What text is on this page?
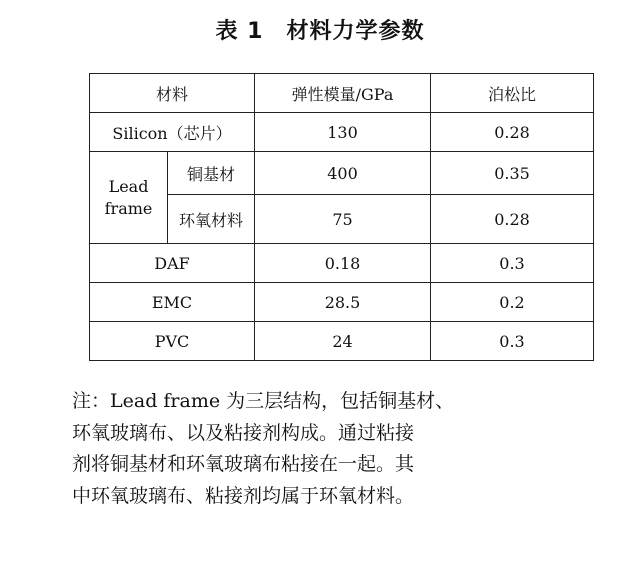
表 1　材料力学参数
材料		弹性模量/GPa	泊松比
Silicon（芯片）		130	0.28
Lead
frame	铜基材	400	0.35
	环氧材料	75	0.28
DAF		0.18	0.3
EMC		28.5	0.2
PVC		24	0.3

注：Lead frame 为三层结构，包括铜基材、
环氧玻璃布、以及粘接剂构成。通过粘接
剂将铜基材和环氧玻璃布粘接在一起。其
中环氧玻璃布、粘接剂均属于环氧材料。
